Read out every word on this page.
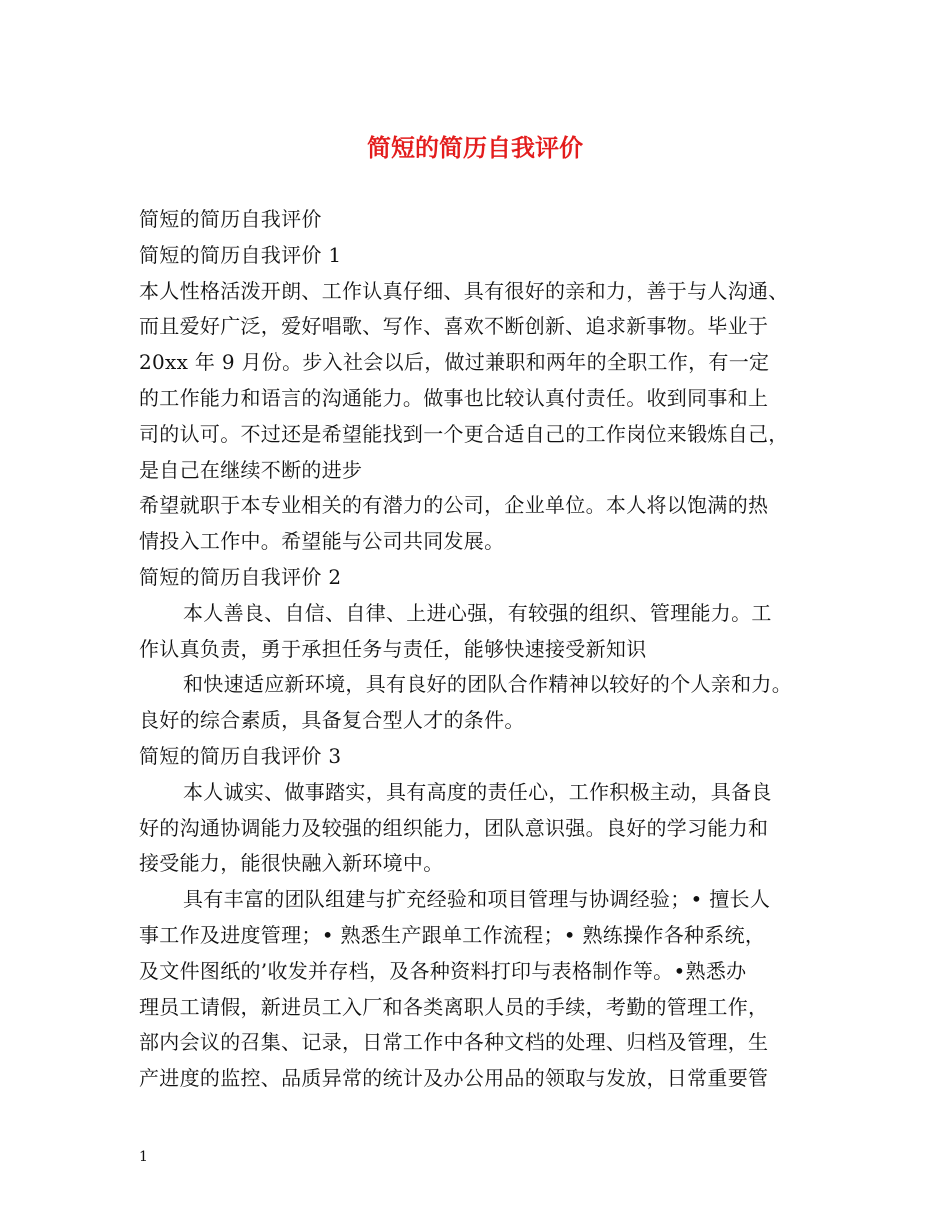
简短的简历自我评价
简短的简历自我评价
简短的简历自我评价 1
本人性格活泼开朗、工作认真仔细、具有很好的亲和力，善于与人沟通、
而且爱好广泛，爱好唱歌、写作、喜欢不断创新、追求新事物。毕业于
20xx 年 9 月份。步入社会以后，做过兼职和两年的全职工作，有一定
的工作能力和语言的沟通能力。做事也比较认真付责任。收到同事和上
司的认可。不过还是希望能找到一个更合适自己的工作岗位来锻炼自己，
是自己在继续不断的进步
希望就职于本专业相关的有潜力的公司，企业单位。本人将以饱满的热
情投入工作中。希望能与公司共同发展。
简短的简历自我评价 2
本人善良、自信、自律、上进心强，有较强的组织、管理能力。工
作认真负责，勇于承担任务与责任，能够快速接受新知识
和快速适应新环境，具有良好的团队合作精神以较好的个人亲和力。
良好的综合素质，具备复合型人才的条件。
简短的简历自我评价 3
本人诚实、做事踏实，具有高度的责任心，工作积极主动，具备良
好的沟通协调能力及较强的组织能力，团队意识强。良好的学习能力和
接受能力，能很快融入新环境中。
具有丰富的团队组建与扩充经验和项目管理与协调经验；• 擅长人
事工作及进度管理；• 熟悉生产跟单工作流程；• 熟练操作各种系统，
及文件图纸的’收发并存档，及各种资料打印与表格制作等。•熟悉办
理员工请假，新进员工入厂和各类离职人员的手续，考勤的管理工作，
部内会议的召集、记录，日常工作中各种文档的处理、归档及管理，生
产进度的监控、品质异常的统计及办公用品的领取与发放，日常重要管
1
